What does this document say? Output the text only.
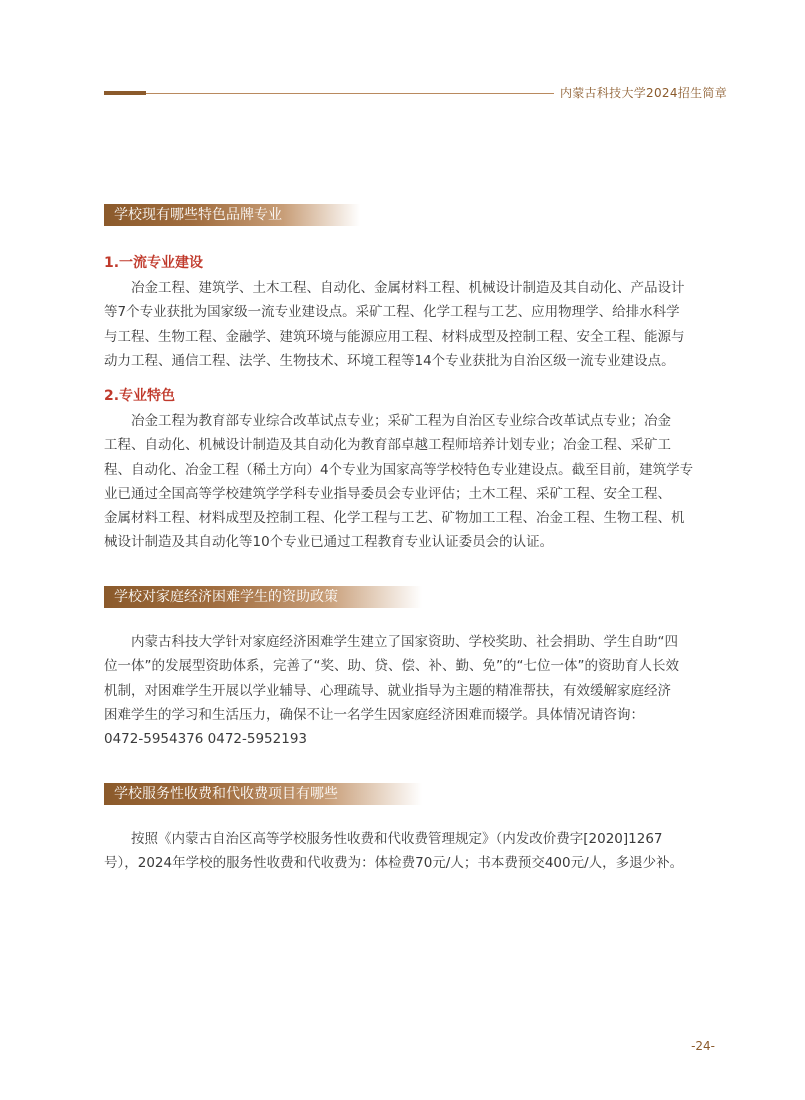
内蒙古科技大学2024招生简章
学校现有哪些特色品牌专业
1.一流专业建设
冶金工程、建筑学、土木工程、自动化、金属材料工程、机械设计制造及其自动化、产品设计
等7个专业获批为国家级一流专业建设点。采矿工程、化学工程与工艺、应用物理学、给排水科学
与工程、生物工程、金融学、建筑环境与能源应用工程、材料成型及控制工程、安全工程、能源与
动力工程、通信工程、法学、生物技术、环境工程等14个专业获批为自治区级一流专业建设点。
2.专业特色
冶金工程为教育部专业综合改革试点专业；采矿工程为自治区专业综合改革试点专业；冶金
工程、自动化、机械设计制造及其自动化为教育部卓越工程师培养计划专业；冶金工程、采矿工
程、自动化、冶金工程（稀土方向）4个专业为国家高等学校特色专业建设点。截至目前，建筑学专
业已通过全国高等学校建筑学学科专业指导委员会专业评估；土木工程、采矿工程、安全工程、
金属材料工程、材料成型及控制工程、化学工程与工艺、矿物加工工程、冶金工程、生物工程、机
械设计制造及其自动化等10个专业已通过工程教育专业认证委员会的认证。
学校对家庭经济困难学生的资助政策
内蒙古科技大学针对家庭经济困难学生建立了国家资助、学校奖助、社会捐助、学生自助“四
位一体”的发展型资助体系，完善了“奖、助、贷、偿、补、勤、免”的“七位一体”的资助育人长效
机制，对困难学生开展以学业辅导、心理疏导、就业指导为主题的精准帮扶，有效缓解家庭经济
困难学生的学习和生活压力，确保不让一名学生因家庭经济困难而辍学。具体情况请咨询：
0472-5954376 0472-5952193
学校服务性收费和代收费项目有哪些
按照《内蒙古自治区高等学校服务性收费和代收费管理规定》（内发改价费字[2020]1267
号），2024年学校的服务性收费和代收费为：体检费70元/人；书本费预交400元/人，多退少补。
-24-
